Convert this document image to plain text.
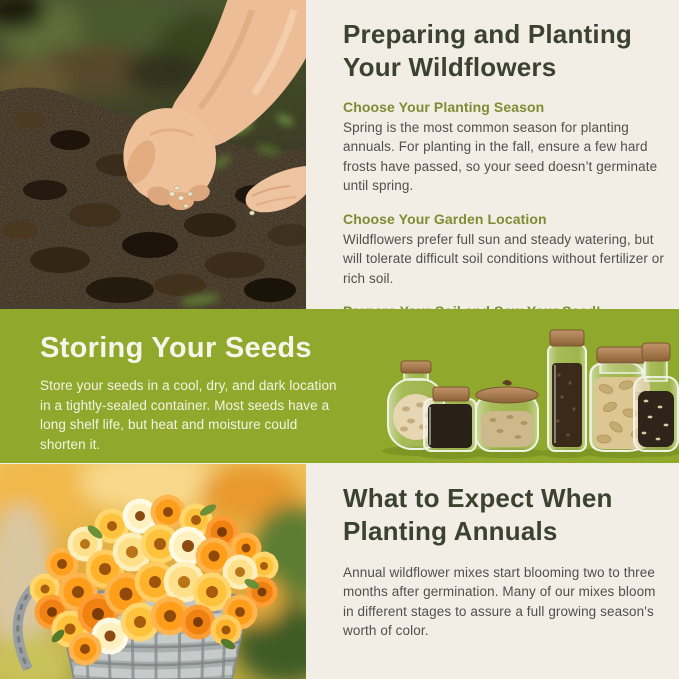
Preparing and Planting Your Wildflowers
Choose Your Planting Season

Spring is the most common season for planting annuals. For planting in the fall, ensure a few hard frosts have passed, so your seed doesn’t germinate until spring.

Choose Your Garden Location

Wildflowers prefer full sun and steady watering, but will tolerate difficult soil conditions without fertilizer or rich soil.

Storing Your Seeds

Store your seeds in a cool, dry, and dark location in a tightly-sealed container. Most seeds have a long shelf life, but heat and moisture could shorten it.

What to Expect When Planting Annuals

Annual wildflower mixes start blooming two to three months after germination. Many of our mixes bloom in different stages to assure a full growing season's worth of color.
